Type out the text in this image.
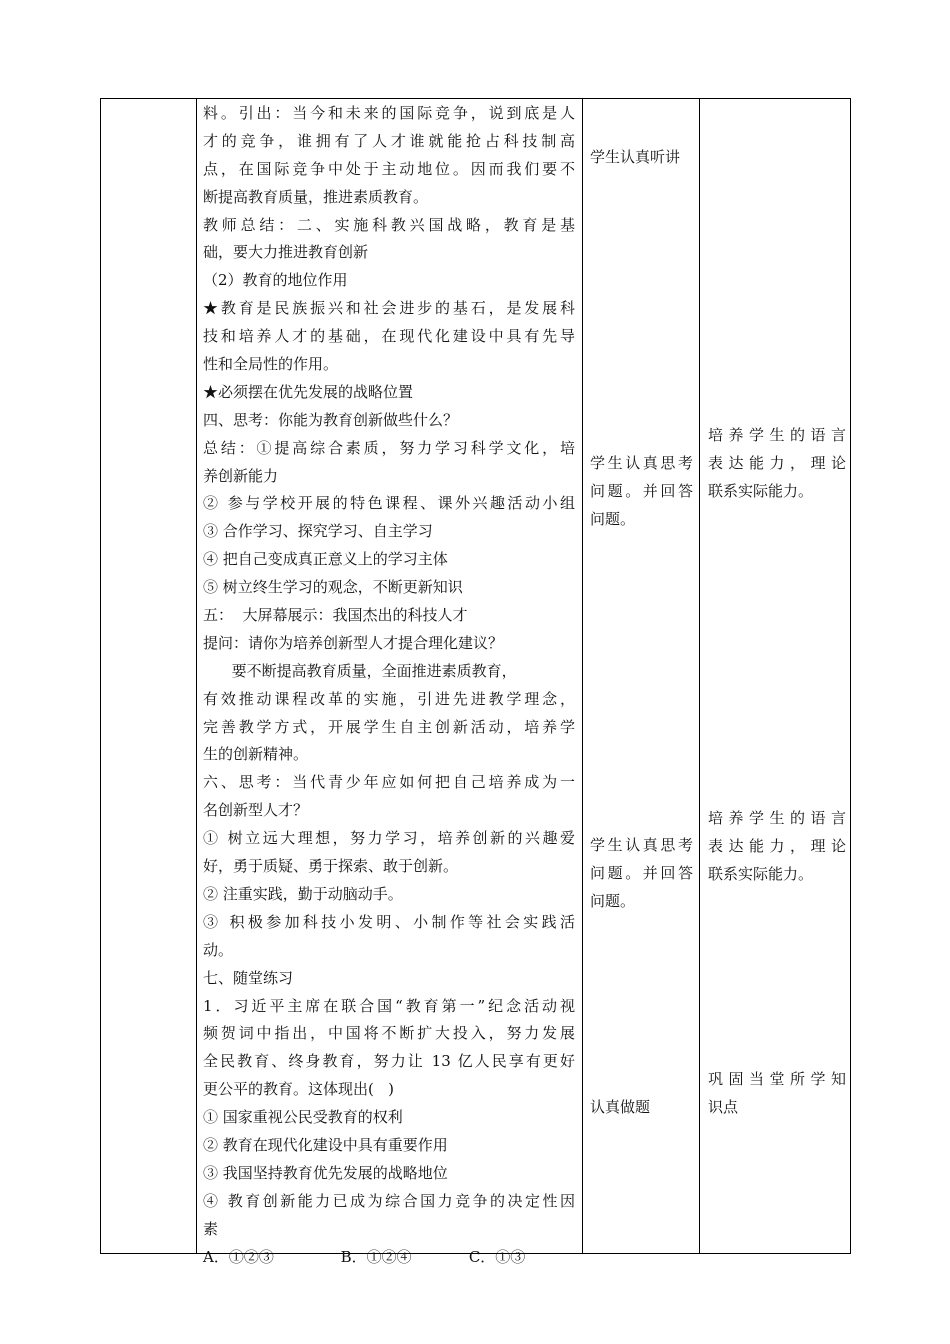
料。引出：当今和未来的国际竞争，说到底是人
才的竞争，谁拥有了人才谁就能抢占科技制高
点，在国际竞争中处于主动地位。因而我们要不
断提高教育质量，推进素质教育。
教师总结：二、实施科教兴国战略，教育是基
础，要大力推进教育创新
（2）教育的地位作用
★教育是民族振兴和社会进步的基石，是发展科
技和培养人才的基础，在现代化建设中具有先导
性和全局性的作用。
★必须摆在优先发展的战略位置
四、思考：你能为教育创新做些什么？
总结：①提高综合素质，努力学习科学文化，培
养创新能力
② 参与学校开展的特色课程、课外兴趣活动小组
③ 合作学习、探究学习、自主学习
④ 把自己变成真正意义上的学习主体
⑤ 树立终生学习的观念，不断更新知识
五：  大屏幕展示：我国杰出的科技人才
提问：请你为培养创新型人才提合理化建议？
要不断提高教育质量，全面推进素质教育，
有效推动课程改革的实施，引进先进教学理念，
完善教学方式，开展学生自主创新活动，培养学
生的创新精神。
六、思考：当代青少年应如何把自己培养成为一
名创新型人才？
① 树立远大理想，努力学习，培养创新的兴趣爱
好，勇于质疑、勇于探索、敢于创新。
② 注重实践，勤于动脑动手。
③ 积极参加科技小发明、小制作等社会实践活
动。
七、随堂练习
1．习近平主席在联合国“教育第一”纪念活动视
频贺词中指出，中国将不断扩大投入，努力发展
全民教育、终身教育，努力让 13 亿人民享有更好
更公平的教育。这体现出(   )
① 国家重视公民受教育的权利
② 教育在现代化建设中具有重要作用
③ 我国坚持教育优先发展的战略地位
④ 教育创新能力已成为综合国力竞争的决定性因
素
A．①②③              B．①②④            C．①③
学生认真听讲
学生认真思考
问题。并回答
问题。
学生认真思考
问题。并回答
问题。
认真做题
培养学生的语言
表达能力，理论
联系实际能力。
培养学生的语言
表达能力，理论
联系实际能力。
巩固当堂所学知
识点
